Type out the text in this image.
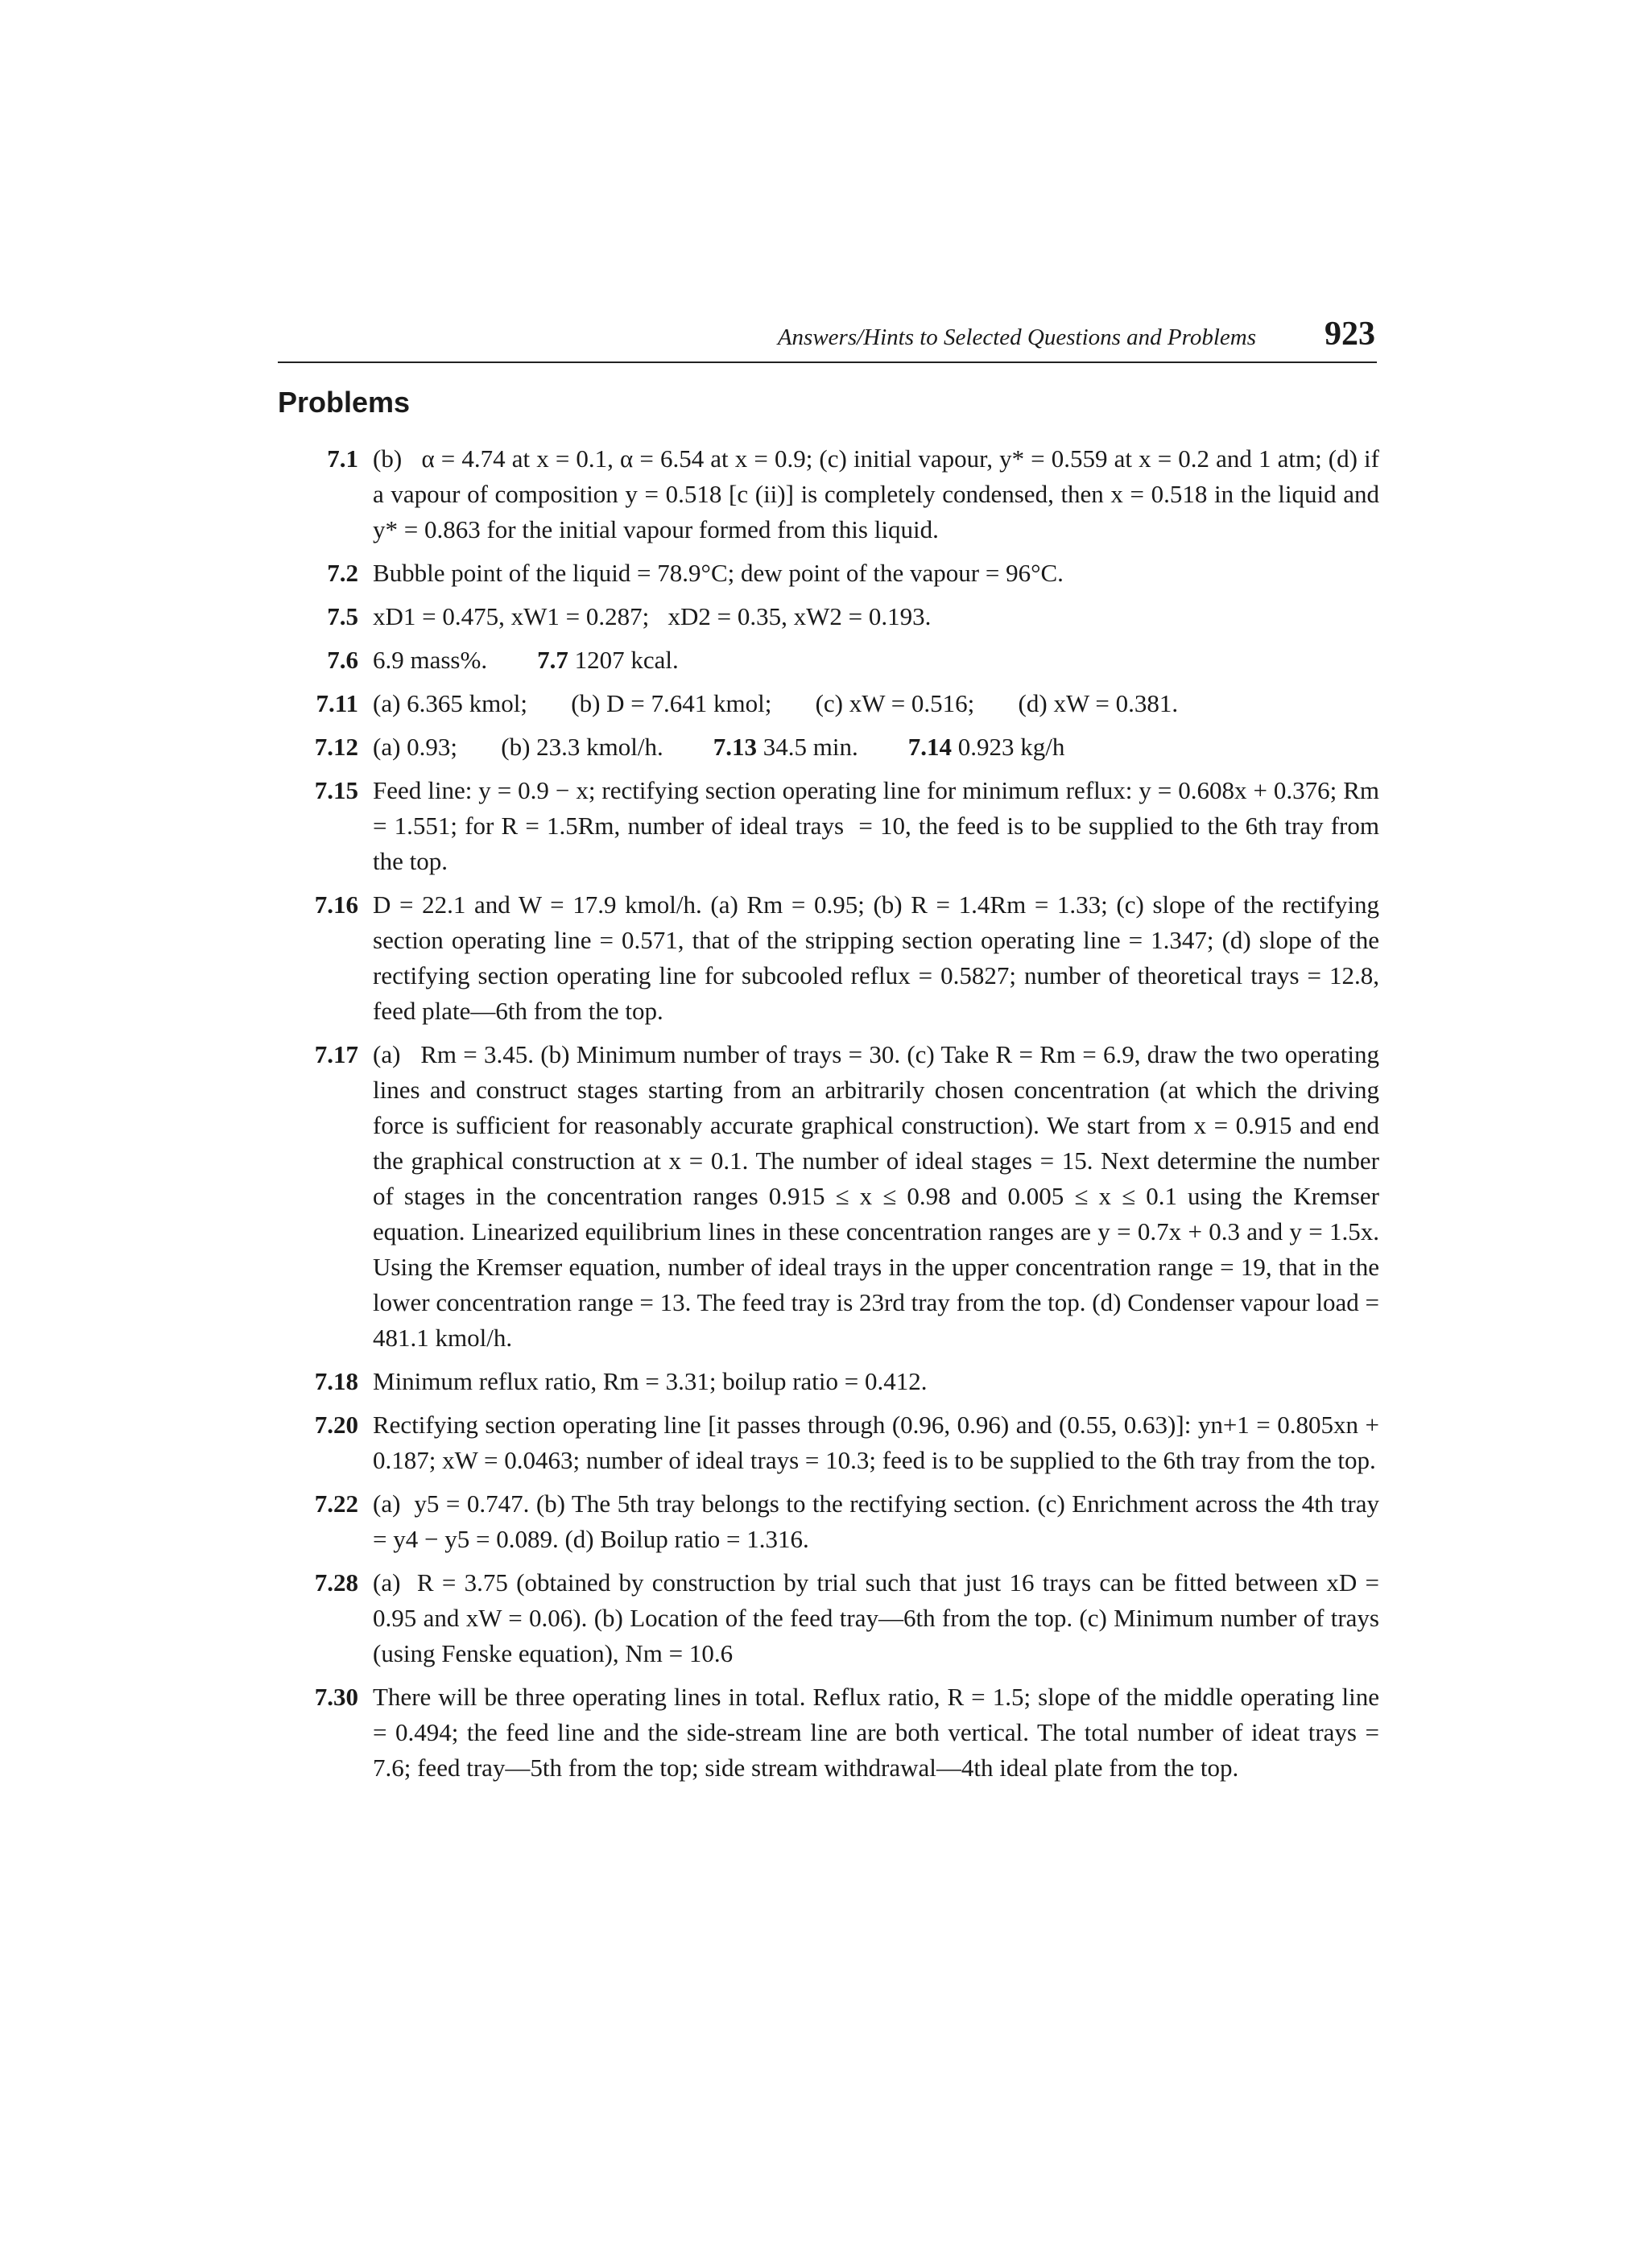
Answers/Hints to Selected Questions and Problems 923
Problems
7.1 (b)   α = 4.74 at x = 0.1, α = 6.54 at x = 0.9; (c) initial vapour, y* = 0.559 at x = 0.2 and 1 atm; (d) if a vapour of composition y = 0.518 [c (ii)] is completely condensed, then x = 0.518 in the liquid and y* = 0.863 for the initial vapour formed from this liquid.
7.2 Bubble point of the liquid = 78.9°C; dew point of the vapour = 96°C.
7.5 xD1 = 0.475, xW1 = 0.287;   xD2 = 0.35, xW2 = 0.193.
7.6 6.9 mass%. 7.7 1207 kcal.
7.11 (a) 6.365 kmol;       (b) D = 7.641 kmol;       (c) xW = 0.516;       (d) xW = 0.381.
7.12 (a) 0.93;       (b) 23.3 kmol/h. 7.13 34.5 min. 7.14 0.923 kg/h
7.15 Feed line: y = 0.9 − x; rectifying section operating line for minimum reflux: y = 0.608x + 0.376; Rm = 1.551; for R = 1.5Rm, number of ideal trays  = 10, the feed is to be supplied to the 6th tray from the top.
7.16 D = 22.1 and W = 17.9 kmol/h. (a) Rm = 0.95; (b) R = 1.4Rm = 1.33; (c) slope of the rectifying section operating line = 0.571, that of the stripping section operating line = 1.347; (d) slope of the rectifying section operating line for subcooled reflux = 0.5827; number of theoretical trays = 12.8, feed plate—6th from the top.
7.17 (a)   Rm = 3.45. (b) Minimum number of trays = 30. (c) Take R = Rm = 6.9, draw the two operating lines and construct stages starting from an arbitrarily chosen concentration (at which the driving force is sufficient for reasonably accurate graphical construction). We start from x = 0.915 and end the graphical construction at x = 0.1. The number of ideal stages = 15. Next determine the number of stages in the concentration ranges 0.915 ≤ x ≤ 0.98 and 0.005 ≤ x ≤ 0.1 using the Kremser equation. Linearized equilibrium lines in these concentration ranges are y = 0.7x + 0.3 and y = 1.5x. Using the Kremser equation, number of ideal trays in the upper concentration range = 19, that in the lower concentration range = 13. The feed tray is 23rd tray from the top. (d) Condenser vapour load = 481.1 kmol/h.
7.18 Minimum reflux ratio, Rm = 3.31; boilup ratio = 0.412.
7.20 Rectifying section operating line [it passes through (0.96, 0.96) and (0.55, 0.63)]: yn+1 = 0.805xn + 0.187; xW = 0.0463; number of ideal trays = 10.3; feed is to be supplied to the 6th tray from the top.
7.22 (a)  y5 = 0.747. (b) The 5th tray belongs to the rectifying section. (c) Enrichment across the 4th tray = y4 − y5 = 0.089. (d) Boilup ratio = 1.316.
7.28 (a)  R = 3.75 (obtained by construction by trial such that just 16 trays can be fitted between xD = 0.95 and xW = 0.06). (b) Location of the feed tray—6th from the top. (c) Minimum number of trays (using Fenske equation), Nm = 10.6
7.30 There will be three operating lines in total. Reflux ratio, R = 1.5; slope of the middle operating line = 0.494; the feed line and the side-stream line are both vertical. The total number of ideat trays = 7.6; feed tray—5th from the top; side stream withdrawal—4th ideal plate from the top.
